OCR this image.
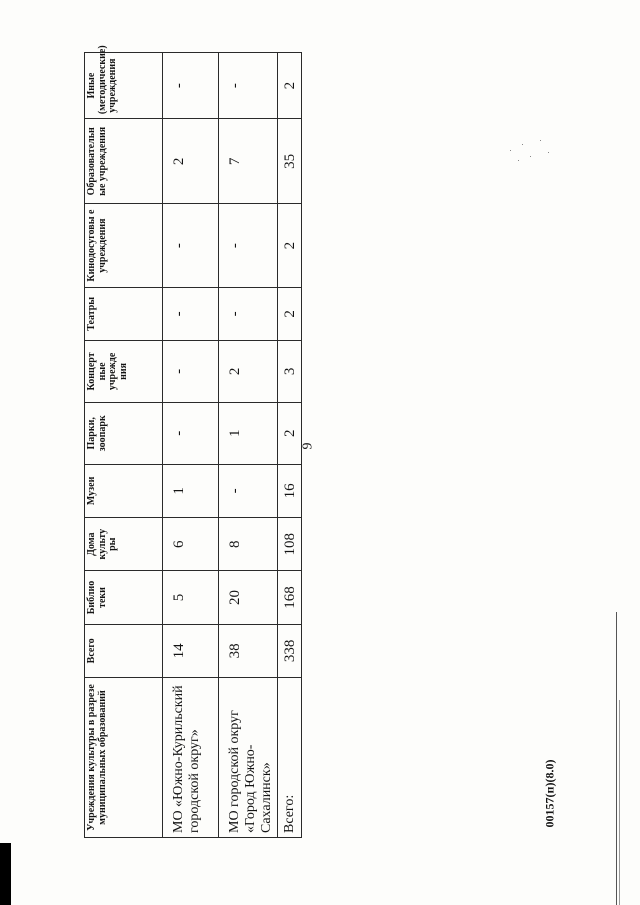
9
Учреждения культуры в разрезе муниципальных образований	Всего	Библио теки	Дома культу ры	Музеи	Парки, зоопарк	Концерт ные учрежде ния	Театры	Кинодосуговы е учреждения	Образовательн ые учреждения	Иные (методические) учреждения
МО «Южно-Курильский городской округ»	14	5	6	1	-	-	-	-	2	-
МО городской округ «Город Южно-Сахалинск»	38	20	8	-	1	2	-	-	7	-
Всего:	338	168	108	16	2	3	2	2	35	2
00157(п)(8.0)
